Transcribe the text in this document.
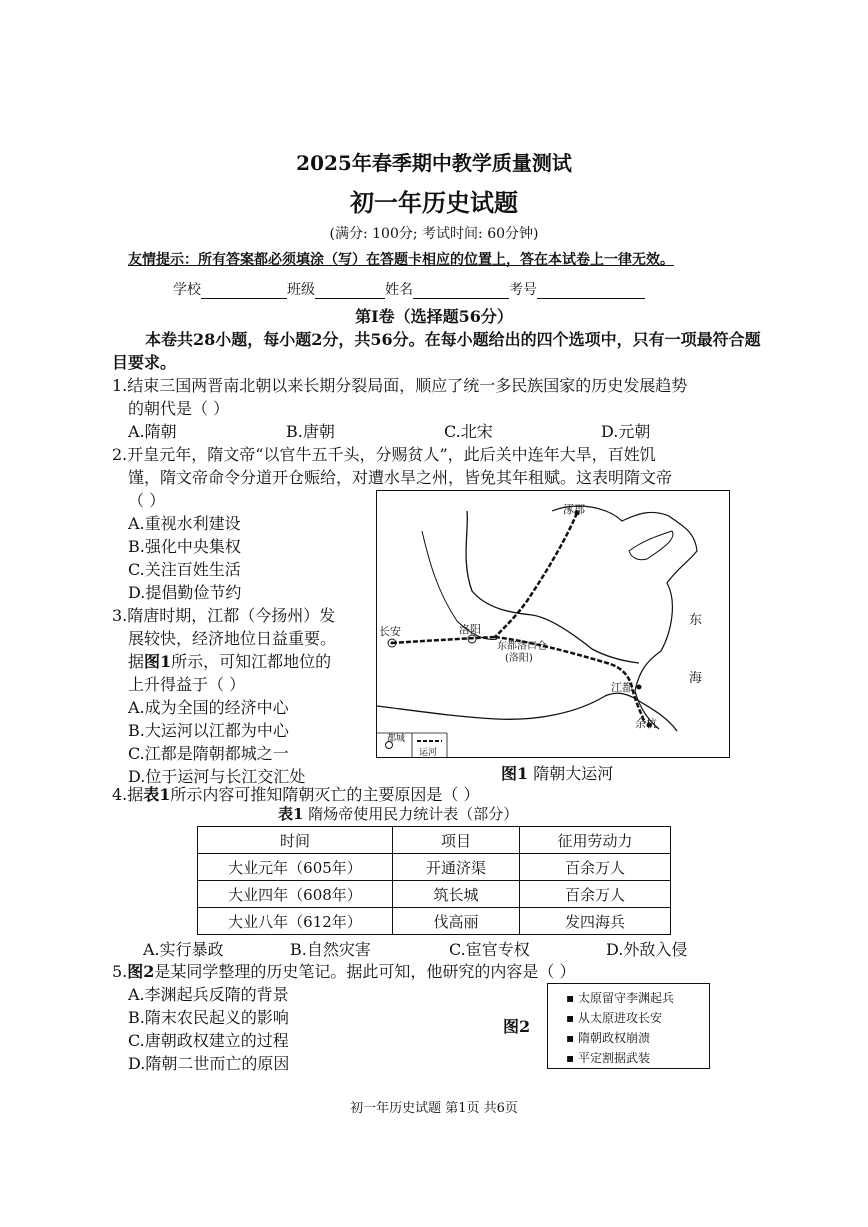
2025年春季期中教学质量测试
初一年历史试题
(满分: 100分; 考试时间: 60分钟)
友情提示：所有答案都必须填涂（写）在答题卡相应的位置上，答在本试卷上一律无效。
学校	班级	姓名	考号
第Ⅰ卷（选择题56分）
本卷共28小题，每小题2分，共56分。在每小题给出的四个选项中，只有一项最符合题
目要求。
1.结束三国两晋南北朝以来长期分裂局面，顺应了统一多民族国家的历史发展趋势
的朝代是（ ）
A.隋朝	B.唐朝	C.北宋	D.元朝
2.开皇元年，隋文帝“以官牛五千头，分赐贫人”，此后关中连年大旱，百姓饥
馑，隋文帝命令分道开仓赈给，对遭水旱之州，皆免其年租赋。这表明隋文帝
（ ）
A.重视水利建设
B.强化中央集权
C.关注百姓生活
D.提倡勤俭节约
3.隋唐时期，江都（今扬州）发
展较快，经济地位日益重要。
据图1所示，可知江都地位的
上升得益于（ ）
A.成为全国的经济中心
B.大运河以江都为中心
C.江都是隋朝都城之一
D.位于运河与长江交汇处
涿郡
长安	洛阳
余杭
江都
东都洛口仓
(洛阳)
东
海
都城
运河
图1 隋朝大运河
4.据表1所示内容可推知隋朝灭亡的主要原因是（ ）
表1 隋炀帝使用民力统计表（部分）
时间	项目	征用劳动力
大业元年（605年）	开通济渠	百余万人
大业四年（608年）	筑长城	百余万人
大业八年（612年）	伐高丽	发四海兵
A.实行暴政	B.自然灾害	C.宦官专权	D.外敌入侵
5.图2是某同学整理的历史笔记。据此可知，他研究的内容是（ ）
A.李渊起兵反隋的背景
B.隋末农民起义的影响
C.唐朝政权建立的过程
D.隋朝二世而亡的原因
图2
▪ 太原留守李渊起兵
▪ 从太原进攻长安
▪ 隋朝政权崩溃
▪ 平定割据武装
初一年历史试题 第1页 共6页
